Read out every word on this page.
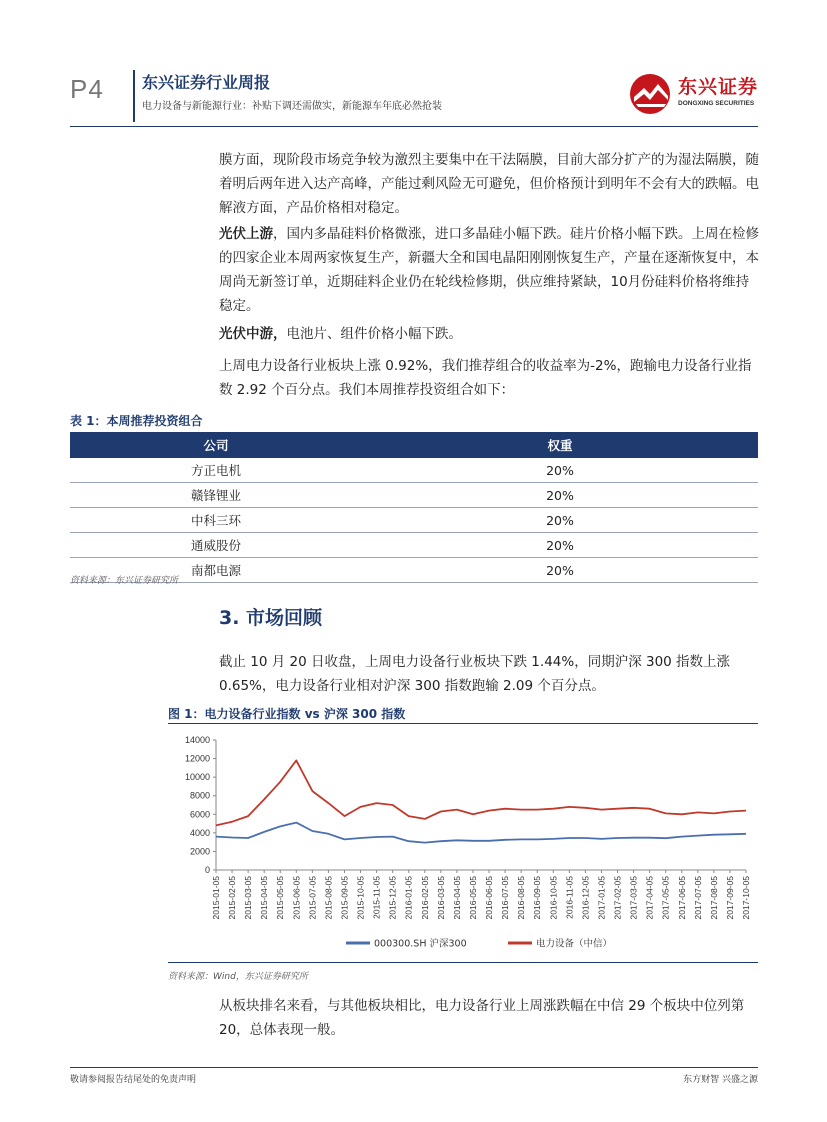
P4 东兴证券行业周报
电力设备与新能源行业：补贴下调还需做实，新能源车年底必然抢装
东兴证券
DONGXING SECURITIES
膜方面，现阶段市场竞争较为激烈主要集中在干法隔膜，目前大部分扩产的为湿法隔膜，随着明后两年进入达产高峰，产能过剩风险无可避免，但价格预计到明年不会有大的跌幅。电解液方面，产品价格相对稳定。
光伏上游，国内多晶硅料价格微涨，进口多晶硅小幅下跌。硅片价格小幅下跌。上周在检修的四家企业本周两家恢复生产，新疆大全和国电晶阳刚刚恢复生产，产量在逐渐恢复中，本周尚无新签订单，近期硅料企业仍在轮线检修期，供应维持紧缺，10月份硅料价格将维持稳定。
光伏中游，电池片、组件价格小幅下跌。
上周电力设备行业板块上涨 0.92%，我们推荐组合的收益率为-2%，跑输电力设备行业指数 2.92 个百分点。我们本周推荐投资组合如下：
表 1：本周推荐投资组合
公司	权重
方正电机	20%
赣锋锂业	20%
中科三环	20%
通威股份	20%
南都电源	20%
资料来源：东兴证券研究所
3. 市场回顾
截止 10 月 20 日收盘，上周电力设备行业板块下跌 1.44%，同期沪深 300 指数上涨 0.65%，电力设备行业相对沪深 300 指数跑输 2.09 个百分点。
图 1：电力设备行业指数 vs 沪深 300 指数
0
2000
4000
6000
8000
10000
12000
14000
2015-01-05 2015-02-05 2015-03-05 2015-04-05 2015-05-05 2015-06-05 2015-07-05 2015-08-05 2015-09-05 2015-10-05 2015-11-05 2015-12-05 2016-01-05 2016-02-05 2016-03-05 2016-04-05 2016-05-05 2016-06-05 2016-07-05 2016-08-05 2016-09-05 2016-10-05 2016-11-05 2016-12-05 2017-01-05 2017-02-05 2017-03-05 2017-04-05 2017-05-05 2017-06-05 2017-07-05 2017-08-05 2017-09-05 2017-10-05
000300.SH 沪深300	电力设备（中信）
资料来源：Wind，东兴证券研究所
从板块排名来看，与其他板块相比，电力设备行业上周涨跌幅在中信 29 个板块中位列第 20，总体表现一般。
敬请参阅报告结尾处的免责声明	东方财智 兴盛之源
